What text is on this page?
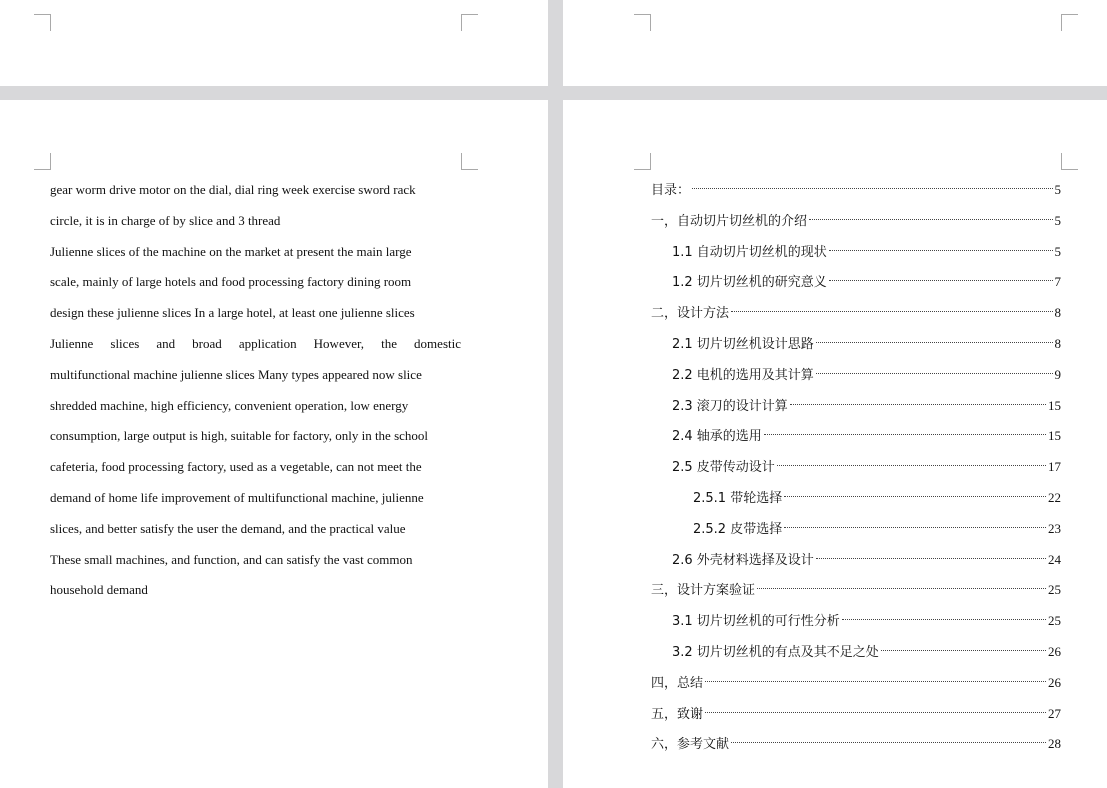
gear worm drive motor on the dial, dial ring week exercise sword rack
circle, it is in charge of by slice and 3 thread
Julienne slices of the machine on the market at present the main large
scale, mainly of large hotels and food processing factory dining room
design these julienne slices In a large hotel, at least one julienne slices
Julienne slices and broad application However, the domestic
multifunctional machine julienne slices Many types appeared now slice
shredded machine, high efficiency, convenient operation, low energy
consumption, large output is high, suitable for factory, only in the school
cafeteria, food processing factory, used as a vegetable, can not meet the
demand of home life improvement of multifunctional machine, julienne
slices, and better satisfy the user the demand, and the practical value
These small machines, and function, and can satisfy the vast common
household demand
目录：	5
一，自动切片切丝机的介绍	5
1.1 自动切片切丝机的现状	5
1.2 切片切丝机的研究意义	7
二，设计方法	8
2.1 切片切丝机设计思路	8
2.2 电机的选用及其计算	9
2.3 滚刀的设计计算	15
2.4 轴承的选用	15
2.5 皮带传动设计	17
2.5.1 带轮选择	22
2.5.2 皮带选择	23
2.6 外壳材料选择及设计	24
三，设计方案验证	25
3.1 切片切丝机的可行性分析	25
3.2 切片切丝机的有点及其不足之处	26
四，总结	26
五，致谢	27
六，参考文献	28
